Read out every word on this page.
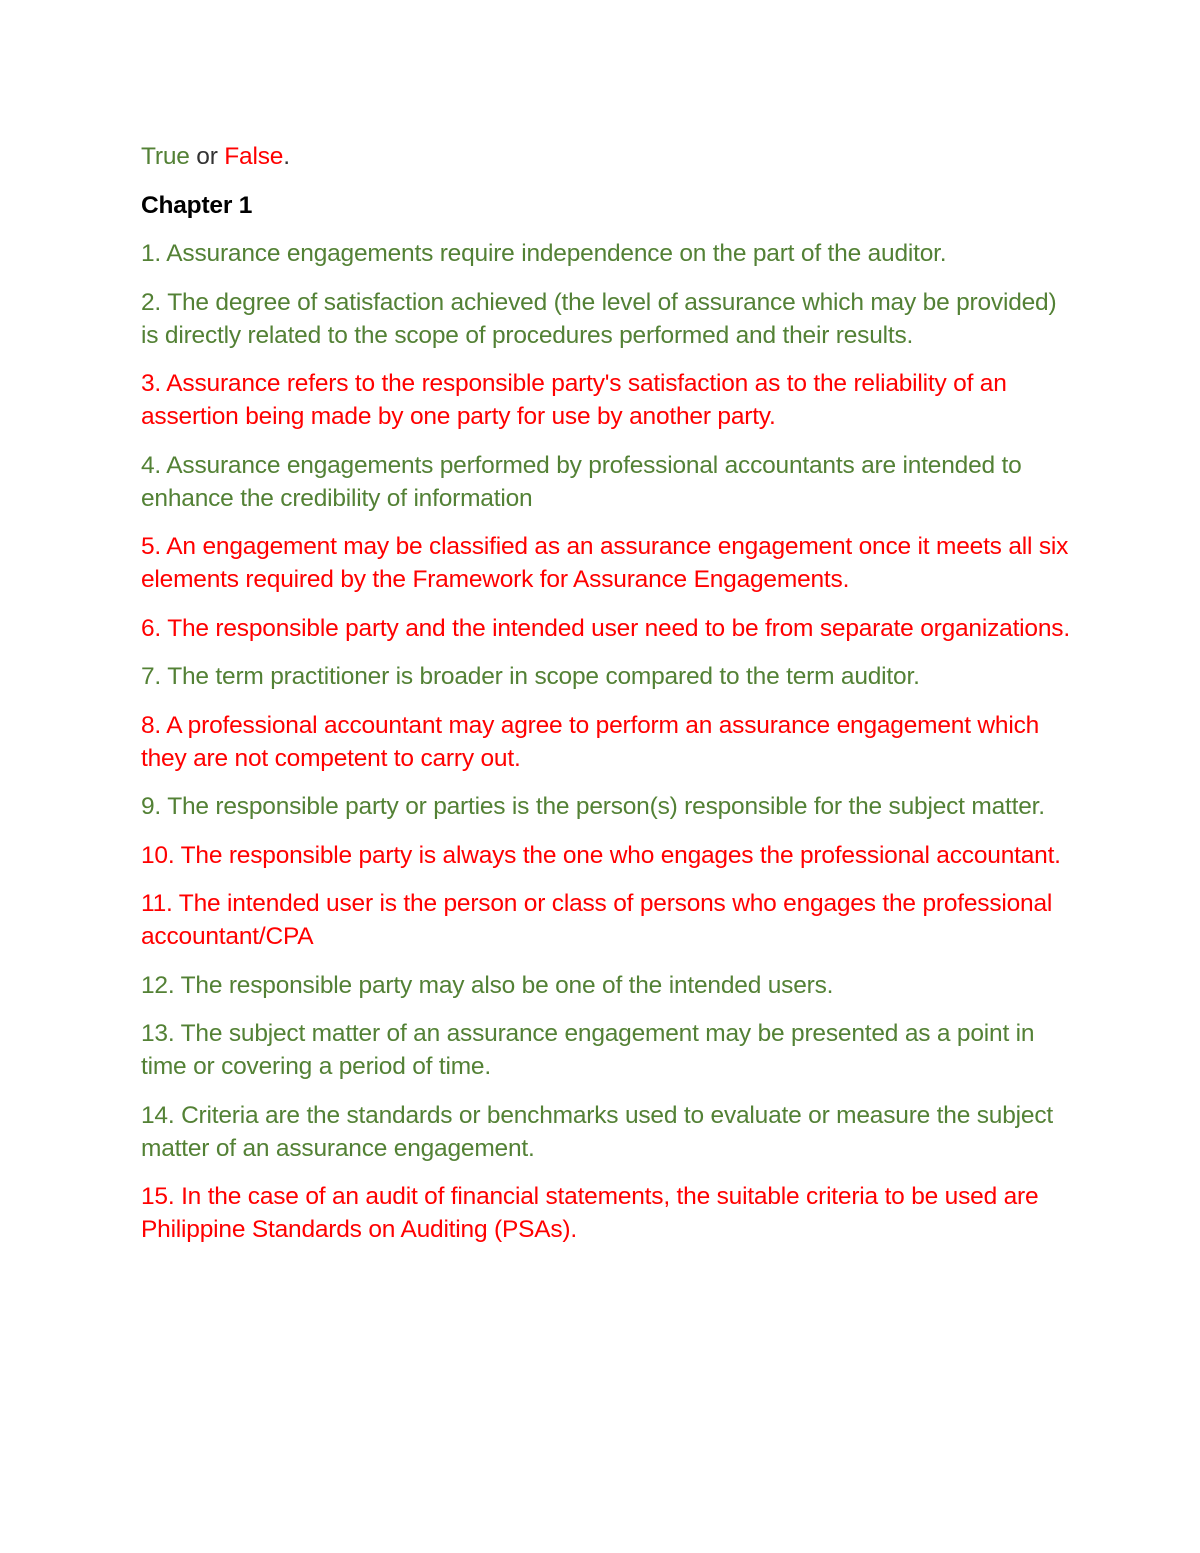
True or False.

Chapter 1

1. Assurance engagements require independence on the part of the auditor.

2. The degree of satisfaction achieved (the level of assurance which may be provided) is directly related to the scope of procedures performed and their results.

3. Assurance refers to the responsible party's satisfaction as to the reliability of an assertion being made by one party for use by another party.

4. Assurance engagements performed by professional accountants are intended to enhance the credibility of information

5. An engagement may be classified as an assurance engagement once it meets all six elements required by the Framework for Assurance Engagements.

6. The responsible party and the intended user need to be from separate organizations.

7. The term practitioner is broader in scope compared to the term auditor.

8. A professional accountant may agree to perform an assurance engagement which they are not competent to carry out.

9. The responsible party or parties is the person(s) responsible for the subject matter.

10. The responsible party is always the one who engages the professional accountant.

11. The intended user is the person or class of persons who engages the professional accountant/CPA

12. The responsible party may also be one of the intended users.

13. The subject matter of an assurance engagement may be presented as a point in time or covering a period of time.

14. Criteria are the standards or benchmarks used to evaluate or measure the subject matter of an assurance engagement.

15. In the case of an audit of financial statements, the suitable criteria to be used are Philippine Standards on Auditing (PSAs).
